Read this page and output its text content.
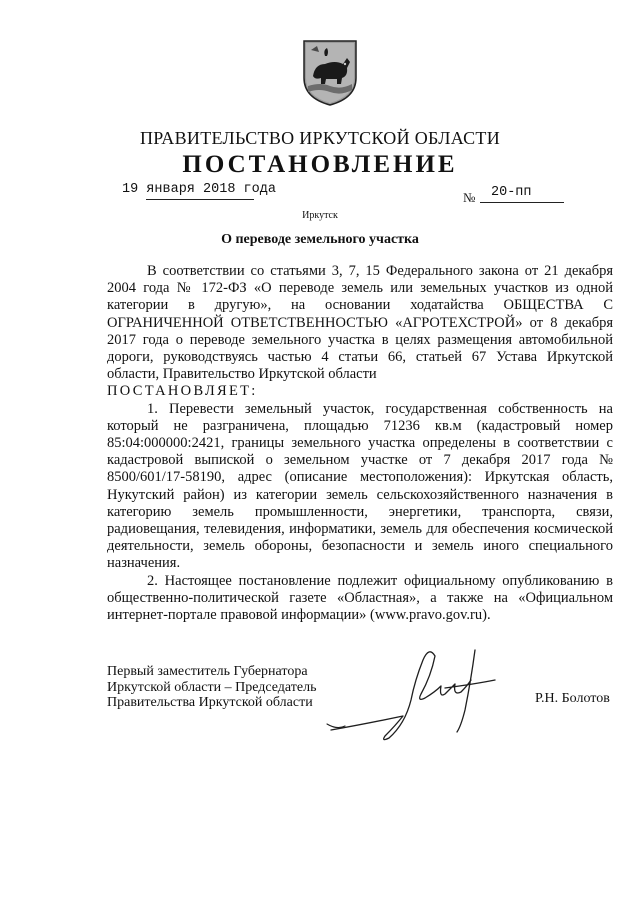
ПРАВИТЕЛЬСТВО ИРКУТСКОЙ ОБЛАСТИ
ПОСТАНОВЛЕНИЕ
19 января 2018 года
№ 20-пп
Иркутск
О переводе земельного участка

В соответствии со статьями 3, 7, 15 Федерального закона от 21 декабря 2004 года № 172-ФЗ «О переводе земель или земельных участков из одной категории в другую», на основании ходатайства ОБЩЕСТВА С ОГРАНИЧЕННОЙ ОТВЕТСТВЕННОСТЬЮ «АГРОТЕХСТРОЙ» от 8 декабря 2017 года о переводе земельного участка в целях размещения автомобильной дороги, руководствуясь частью 4 статьи 66, статьей 67 Устава Иркутской области, Правительство Иркутской области

ПОСТАНОВЛЯЕТ:

1. Перевести земельный участок, государственная собственность на который не разграничена, площадью 71236 кв.м (кадастровый номер 85:04:000000:2421, границы земельного участка определены в соответствии с кадастровой выпиской о земельном участке от 7 декабря 2017 года № 8500/601/17-58190, адрес (описание местоположения): Иркутская область, Нукутский район) из категории земель сельскохозяйственного назначения в категорию земель промышленности, энергетики, транспорта, связи, радиовещания, телевидения, информатики, земель для обеспечения космической деятельности, земель обороны, безопасности и земель иного специального назначения.

2. Настоящее постановление подлежит официальному опубликованию в общественно-политической газете «Областная», а также на «Официальном интернет-портале правовой информации» (www.pravo.gov.ru).

Первый заместитель Губернатора
Иркутской области – Председатель
Правительства Иркутской области	Р.Н. Болотов
